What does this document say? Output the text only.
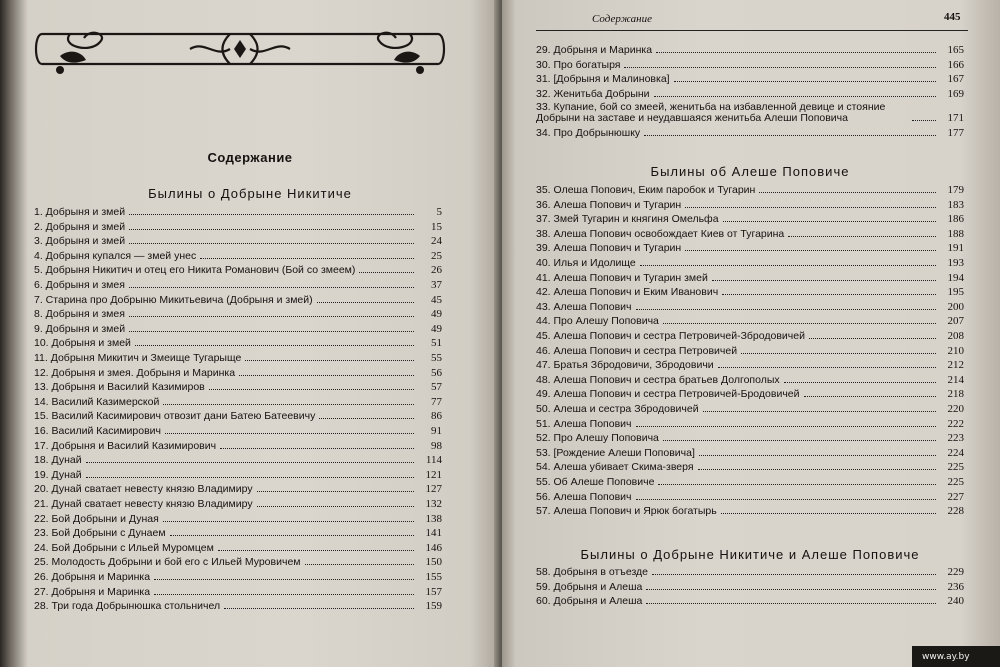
Содержание
Былины о Добрыне Никитиче
1. Добрыня и змей	5
2. Добрыня и змей	15
3. Добрыня и змей	24
4. Добрыня купался — змей унес	25
5. Добрыня Никитич и отец его Никита Романович (Бой со змеем)	26
6. Добрыня и змея	37
7. Старина про Добрыню Микитьевича (Добрыня и змей)	45
8. Добрыня и змея	49
9. Добрыня и змей	49
10. Добрыня и змей	51
11. Добрыня Микитич и Змеище Тугарыще	55
12. Добрыня и змея. Добрыня и Маринка	56
13. Добрыня и Василий Казимиров	57
14. Василий Казимерской	77
15. Василий Касимирович отвозит дани Батею Батеевичу	86
16. Василий Касимирович	91
17. Добрыня и Василий Казимирович	98
18. Дунай	114
19. Дунай	121
20. Дунай сватает невесту князю Владимиру	127
21. Дунай сватает невесту князю Владимиру	132
22. Бой Добрыни и Дуная	138
23. Бой Добрыни с Дунаем	141
24. Бой Добрыни с Ильей Муромцем	146
25. Молодость Добрыни и бой его с Ильей Муровичем	150
26. Добрыня и Маринка	155
27. Добрыня и Маринка	157
28. Три года Добрынюшка стольничел	159
Содержание	445
29. Добрыня и Маринка	165
30. Про богатыря	166
31. [Добрыня и Малиновка]	167
32. Женитьба Добрыни	169
33. Купание, бой со змеей, женитьба на избавленной девице и стояние Добрыни на заставе и неудавшаяся женитьба Алеши Поповича	171
34. Про Добрынюшку	177
Былины об Алеше Поповиче
35. Олеша Попович, Еким паробок и Тугарин	179
36. Алеша Попович и Тугарин	183
37. Змей Тугарин и княгиня Омельфа	186
38. Алеша Попович освобождает Киев от Тугарина	188
39. Алеша Попович и Тугарин	191
40. Илья и Идолище	193
41. Алеша Попович и Тугарин змей	194
42. Алеша Попович и Еким Иванович	195
43. Алеша Попович	200
44. Про Алешу Поповича	207
45. Алеша Попович и сестра Петровичей-Збродовичей	208
46. Алеша Попович и сестра Петровичей	210
47. Братья Збродовичи, Збродовичи	212
48. Алеша Попович и сестра братьев Долгополых	214
49. Алеша Попович и сестра Петровичей-Бродовичей	218
50. Алеша и сестра Збродовичей	220
51. Алеша Попович	222
52. Про Алешу Поповича	223
53. [Рождение Алеши Поповича]	224
54. Алеша убивает Скима-зверя	225
55. Об Алеше Поповиче	225
56. Алеша Попович	227
57. Алеша Попович и Ярюк богатырь	228
Былины о Добрыне Никитиче и Алеше Поповиче
58. Добрыня в отъезде	229
59. Добрыня и Алеша	236
60. Добрыня и Алеша	240
www.ay.by
